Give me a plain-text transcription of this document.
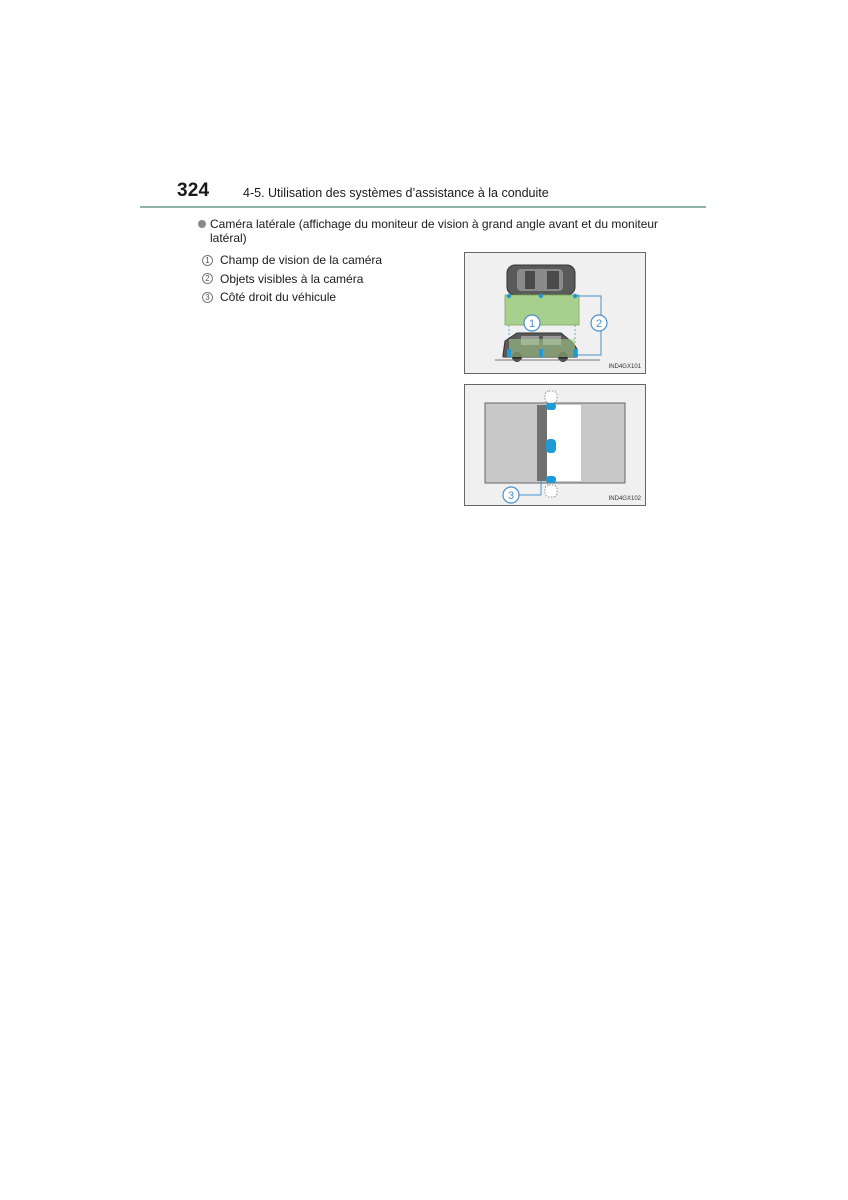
324	4-5. Utilisation des systèmes d’assistance à la conduite
Caméra latérale (affichage du moniteur de vision à grand angle avant et du moniteur
latéral)
1 Champ de vision de la caméra
2 Objets visibles à la caméra
3 Côté droit du véhicule
1	2
IND4GX101
3	IND4GX102
